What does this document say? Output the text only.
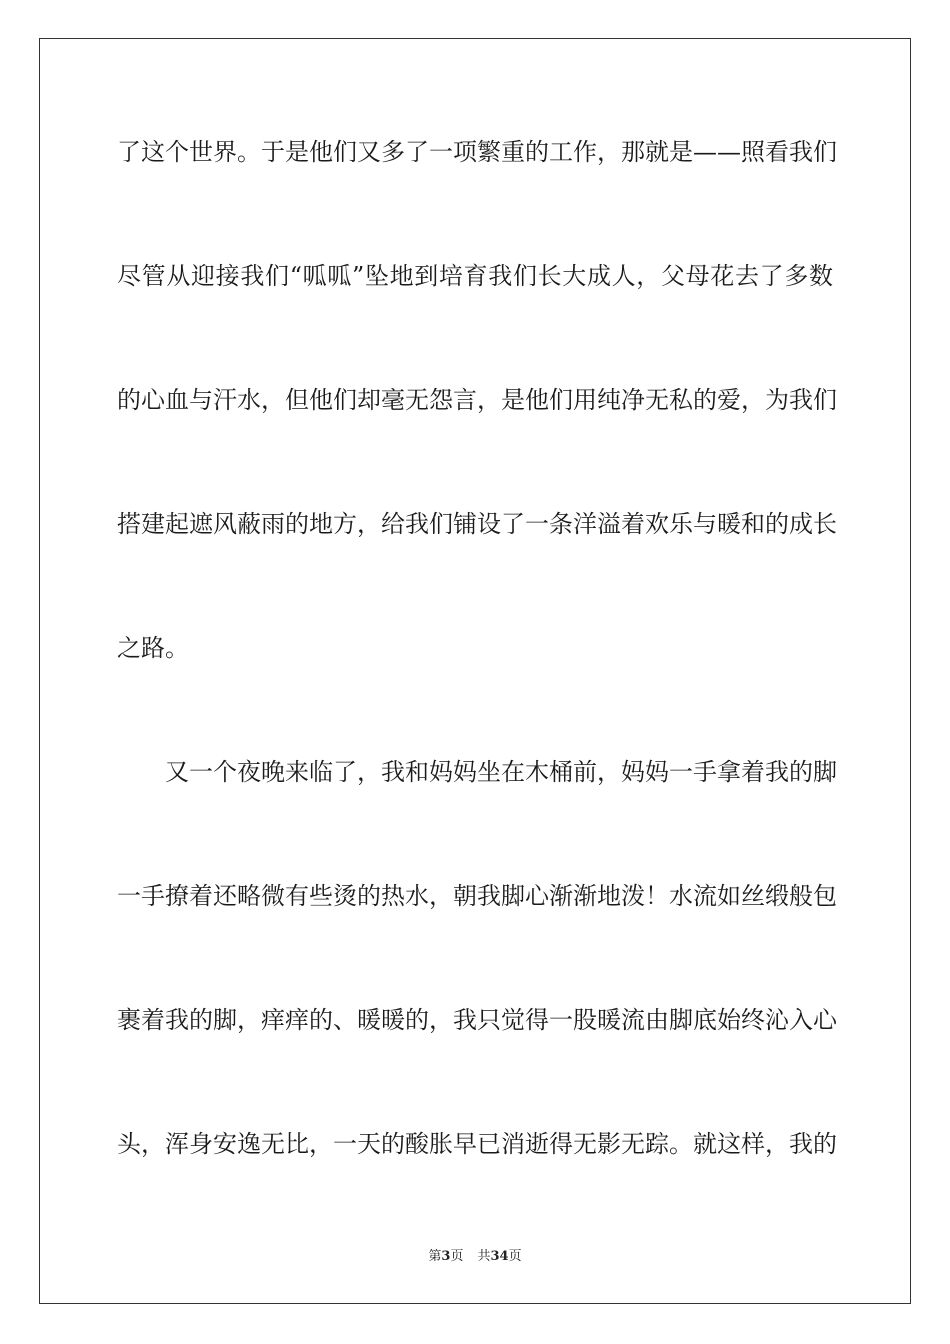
了这个世界。于是他们又多了一项繁重的工作，那就是——照看我们
尽管从迎接我们“呱呱”坠地到培育我们长大成人，父母花去了多数
的心血与汗水，但他们却毫无怨言，是他们用纯净无私的爱，为我们
搭建起遮风蔽雨的地方，给我们铺设了一条洋溢着欢乐与暖和的成长
之路。
又一个夜晚来临了，我和妈妈坐在木桶前，妈妈一手拿着我的脚
一手撩着还略微有些烫的热水，朝我脚心渐渐地泼！水流如丝缎般包
裹着我的脚，痒痒的、暖暖的，我只觉得一股暖流由脚底始终沁入心
头，浑身安逸无比，一天的酸胀早已消逝得无影无踪。就这样，我的
第3页 共34页
